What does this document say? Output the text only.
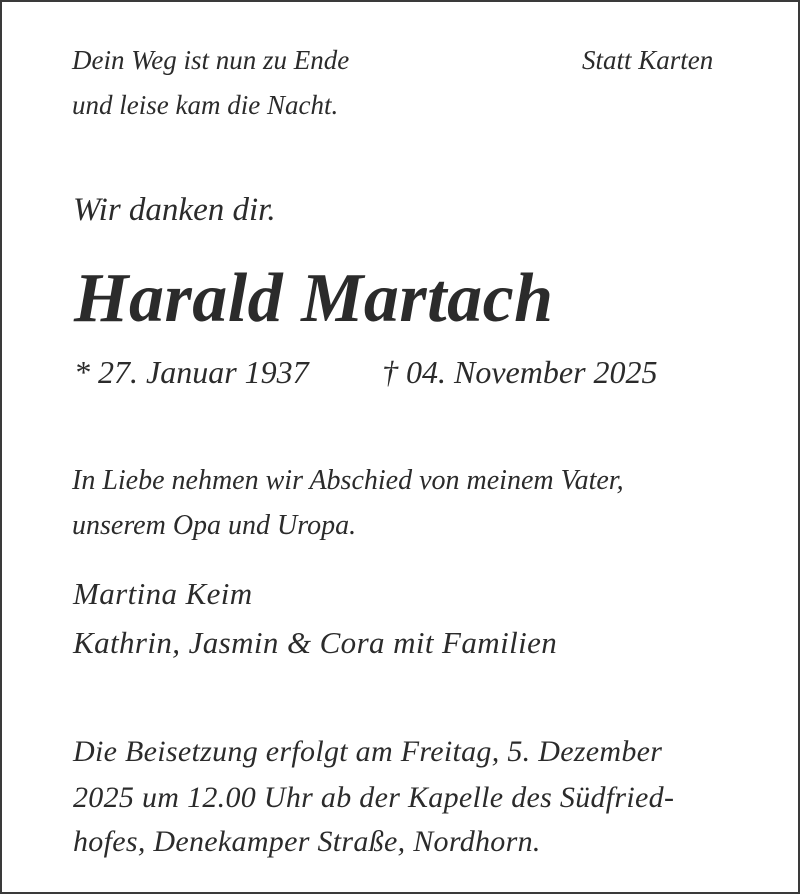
Dein Weg ist nun zu Ende
und leise kam die Nacht.
Statt Karten
Wir danken dir.
Harald Martach
* 27. Januar 1937 † 04. November 2025
In Liebe nehmen wir Abschied von meinem Vater,
unserem Opa und Uropa.
Martina Keim
Kathrin, Jasmin & Cora mit Familien
Die Beisetzung erfolgt am Freitag, 5. Dezember
2025 um 12.00 Uhr ab der Kapelle des Südfried-
hofes, Denekamper Straße, Nordhorn.
